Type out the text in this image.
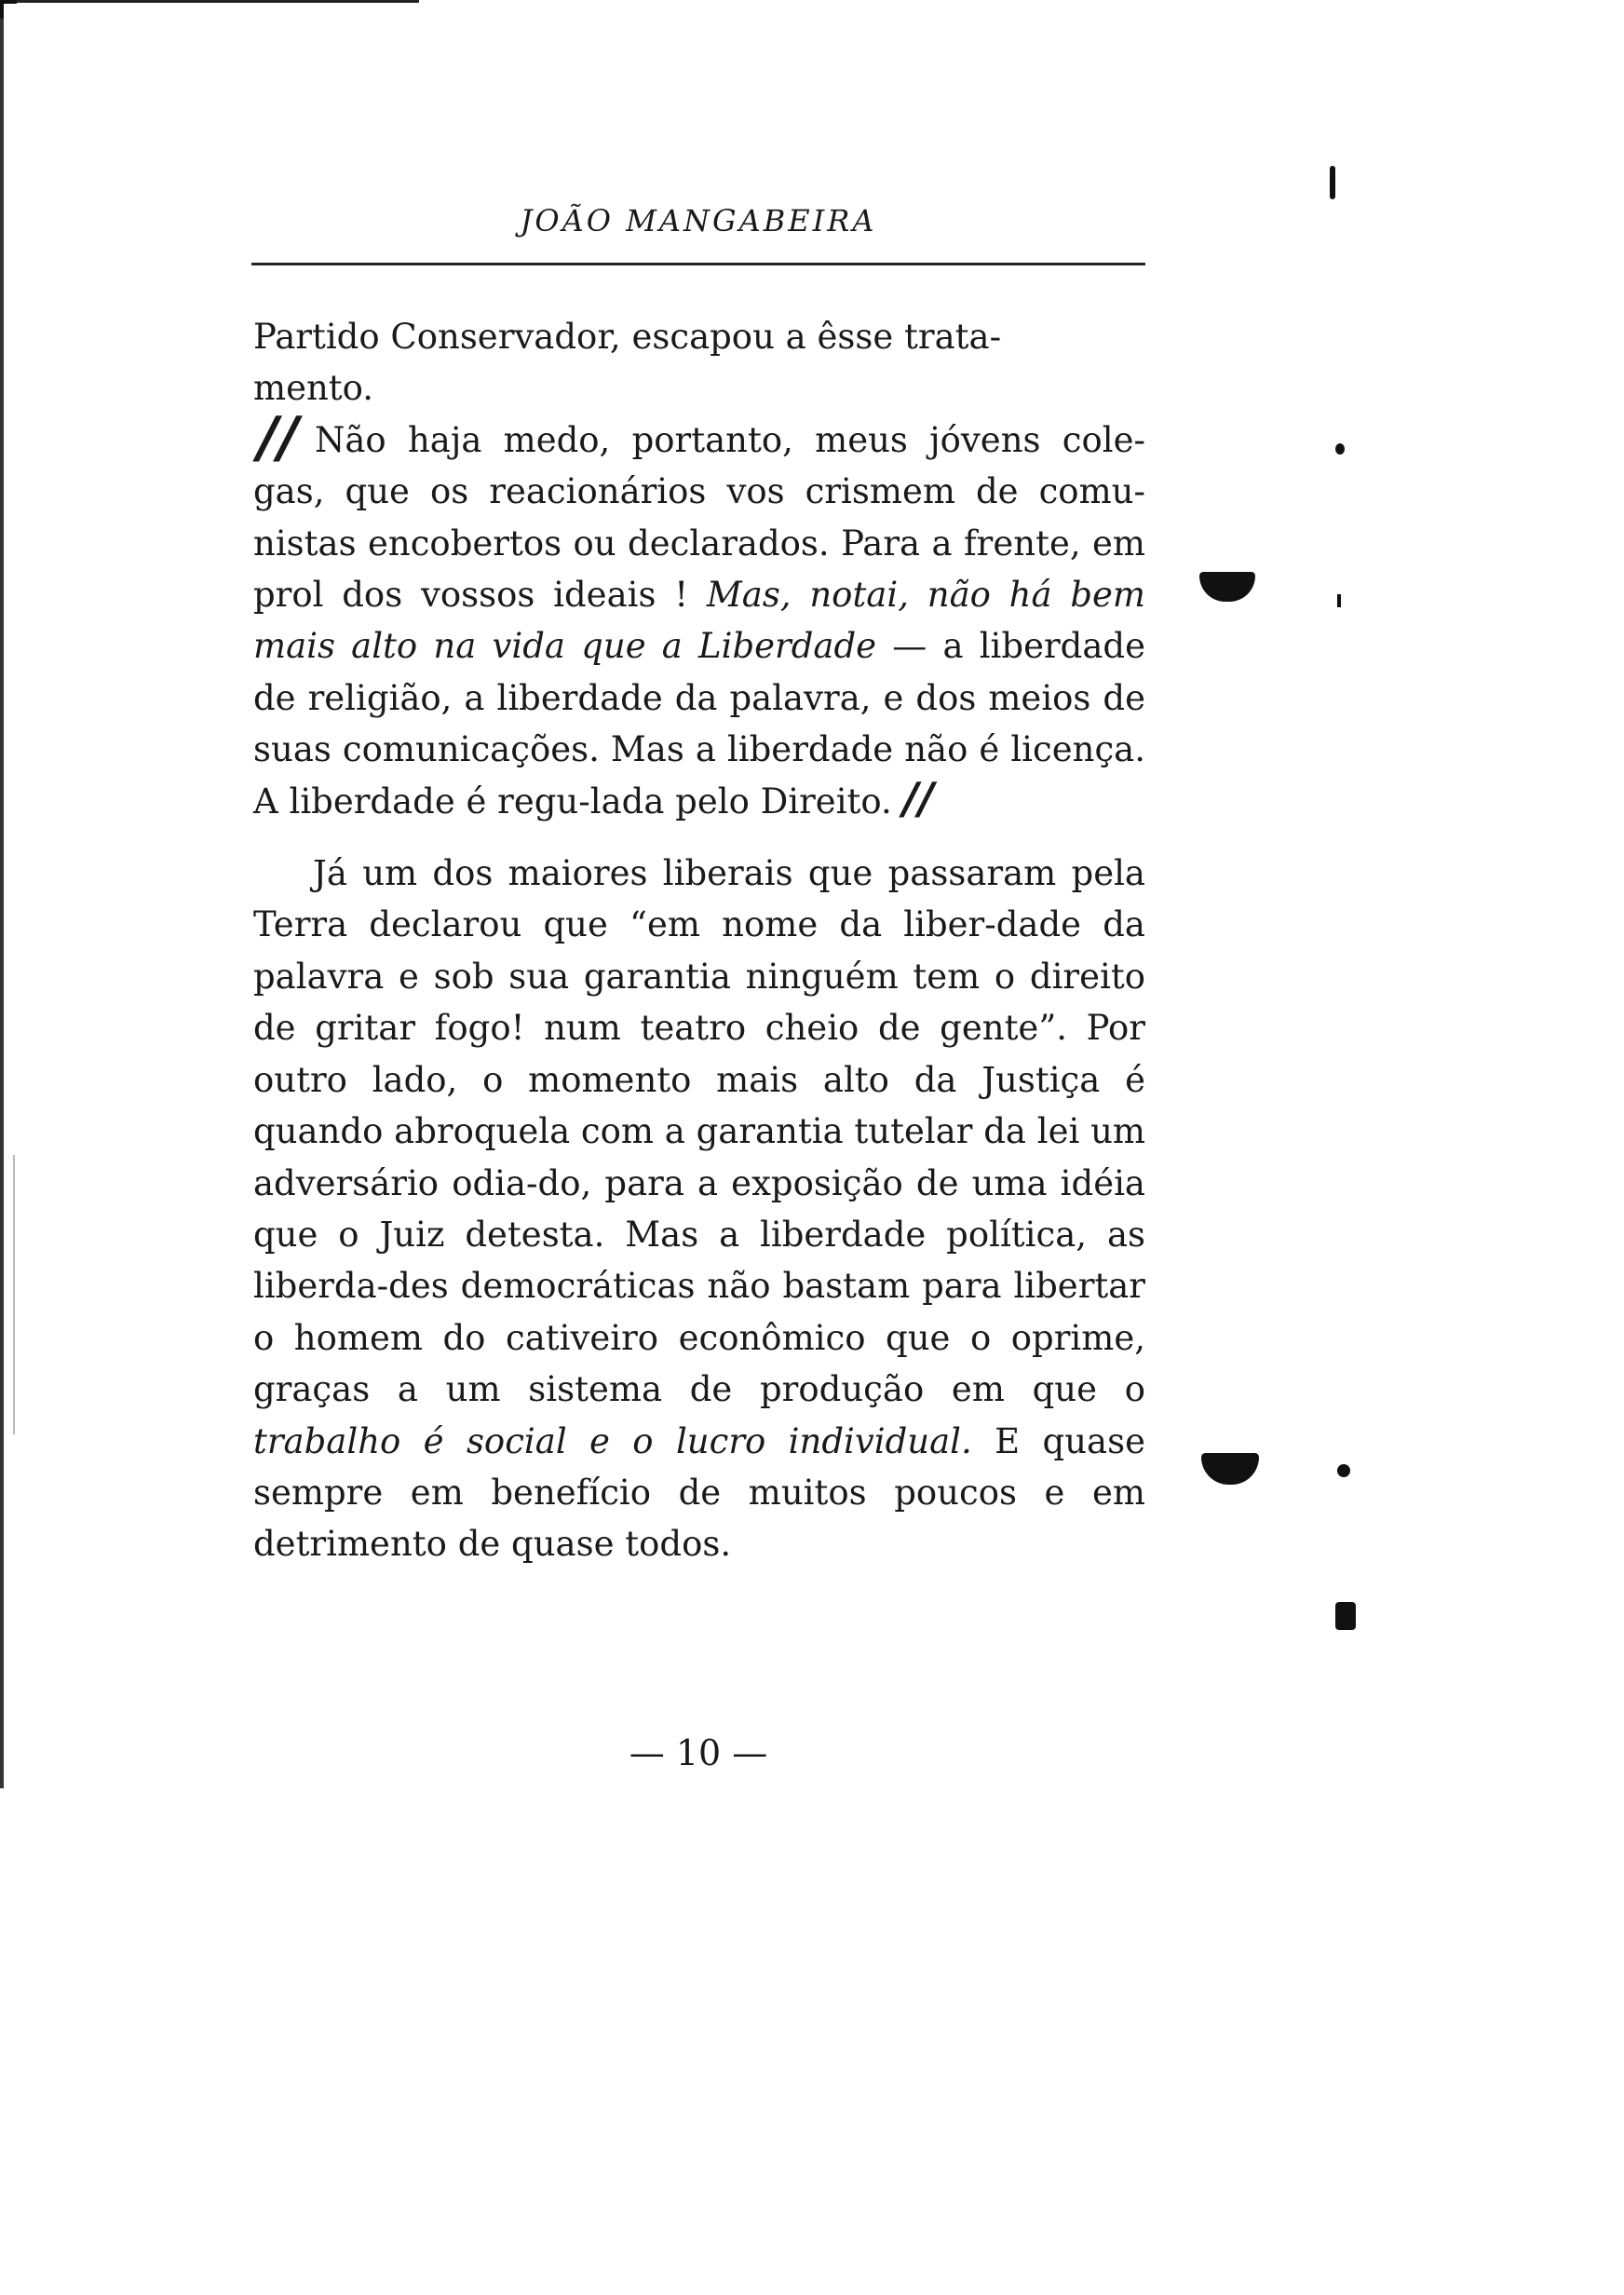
JOÃO MANGABEIRA
//

Partido Conservador, escapou a êsse trata-
mento.
Não haja medo, portanto, meus jóvens cole-gas, que os reacionários vos crismem de comu-nistas encobertos ou declarados. Para a frente, em prol dos vossos ideais ! Mas, notai, não há bem mais alto na vida que a Liberdade — a liberdade de religião, a liberdade da palavra, e dos meios de suas comunicações. Mas a liberdade não é licença. A liberdade é regu-lada pelo Direito. //

Já um dos maiores liberais que passaram pela Terra declarou que “em nome da liber-dade da palavra e sob sua garantia ninguém tem o direito de gritar fogo! num teatro cheio de gente”. Por outro lado, o momento mais alto da Justiça é quando abroquela com a garantia tutelar da lei um adversário odia-do, para a exposição de uma idéia que o Juiz detesta. Mas a liberdade política, as liberda-des democráticas não bastam para libertar o homem do cativeiro econômico que o oprime, graças a um sistema de produção em que o trabalho é social e o lucro individual. E quase sempre em benefício de muitos poucos e em detrimento de quase todos.

— 10 —
